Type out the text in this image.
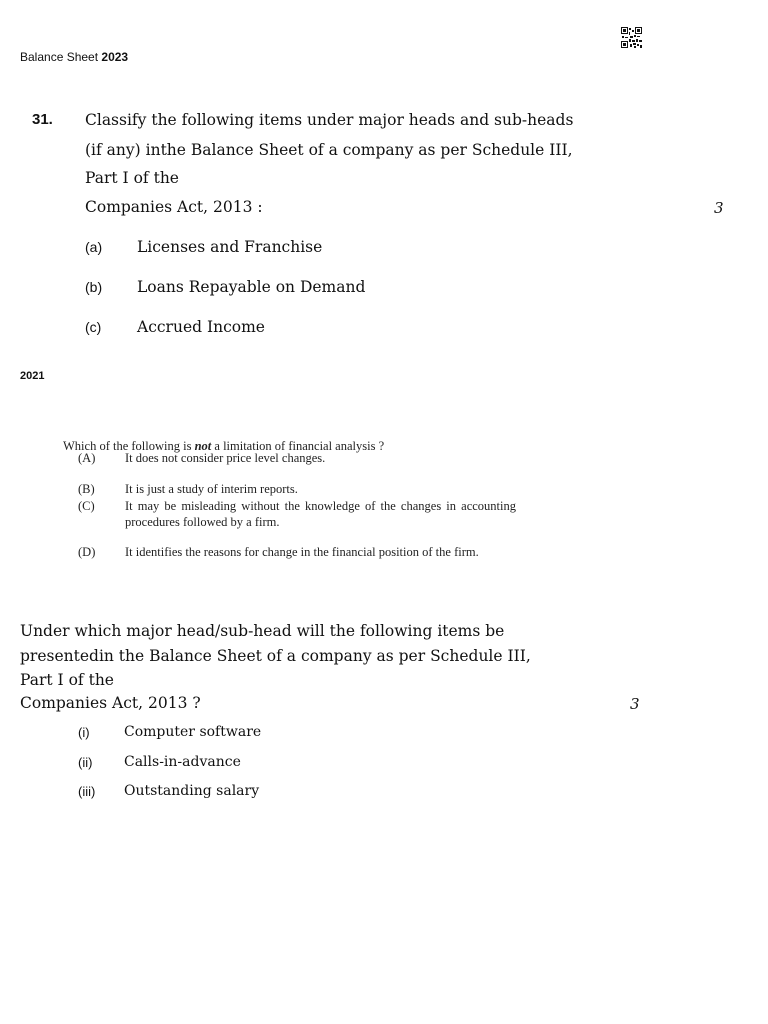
Balance Sheet 2023
31. Classify the following items under major heads and sub-heads
(if any) inthe Balance Sheet of a company as per Schedule III,
Part I of the
Companies Act, 2013 :	3
(a) Licenses and Franchise
(b) Loans Repayable on Demand
(c) Accrued Income
2021
Which of the following is not a limitation of financial analysis ?
(A) It does not consider price level changes.
(B) It is just a study of interim reports.
(C) It may be misleading without the knowledge of the changes in accounting
procedures followed by a firm.
(D) It identifies the reasons for change in the financial position of the firm.
Under which major head/sub-head will the following items be
presentedin the Balance Sheet of a company as per Schedule III,
Part I of the
Companies Act, 2013 ?	3
(i) Computer software
(ii) Calls-in-advance
(iii) Outstanding salary
